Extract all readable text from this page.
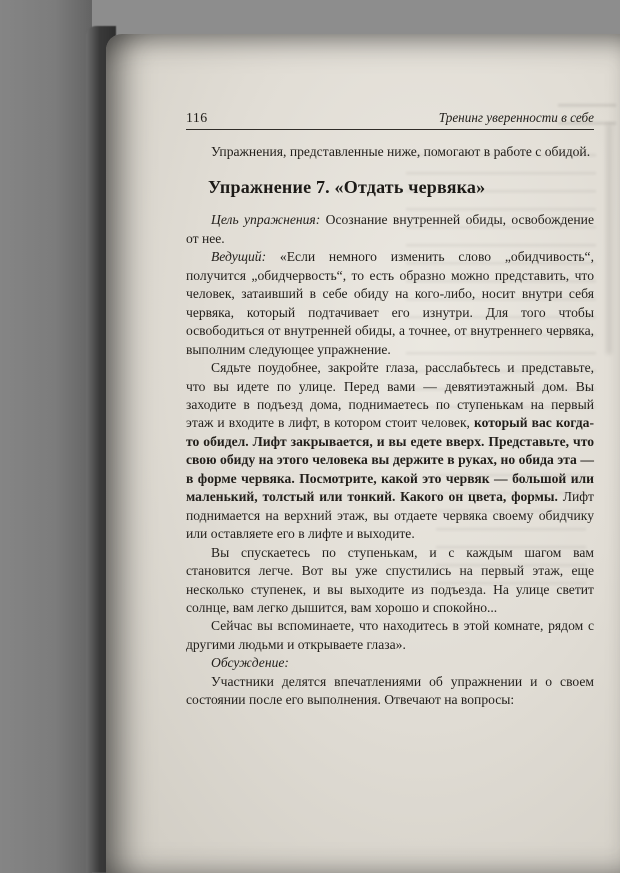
116	Тренинг уверенности в себе

Упражнения, представленные ниже, помогают в работе с обидой.

Упражнение 7. «Отдать червяка»

Цель упражнения: Осознание внутренней обиды, освобождение от нее.

Ведущий: «Если немного изменить слово „обидчивость“, получится „обидчервость“, то есть образно можно представить, что человек, затаивший в себе обиду на кого-либо, носит внутри себя червяка, который подтачивает его изнутри. Для того чтобы освободиться от внутренней обиды, а точнее, от внутреннего червяка, выполним следующее упражнение.

Сядьте поудобнее, закройте глаза, расслабьтесь и представьте, что вы идете по улице. Перед вами — девятиэтажный дом. Вы заходите в подъезд дома, поднимаетесь по ступенькам на первый этаж и входите в лифт, в котором стоит человек, который вас когда-то обидел. Лифт закрывается, и вы едете вверх. Представьте, что свою обиду на этого человека вы держите в руках, но обида эта — в форме червяка. Посмотрите, какой это червяк — большой или маленький, толстый или тонкий. Какого он цвета, формы. Лифт поднимается на верхний этаж, вы отдаете червяка своему обидчику или оставляете его в лифте и выходите.

Вы спускаетесь по ступенькам, и с каждым шагом вам становится легче. Вот вы уже спустились на первый этаж, еще несколько ступенек, и вы выходите из подъезда. На улице светит солнце, вам легко дышится, вам хорошо и спокойно...

Сейчас вы вспоминаете, что находитесь в этой комнате, рядом с другими людьми и открываете глаза».

Обсуждение:

Участники делятся впечатлениями об упражнении и о своем состоянии после его выполнения. Отвечают на вопросы:
